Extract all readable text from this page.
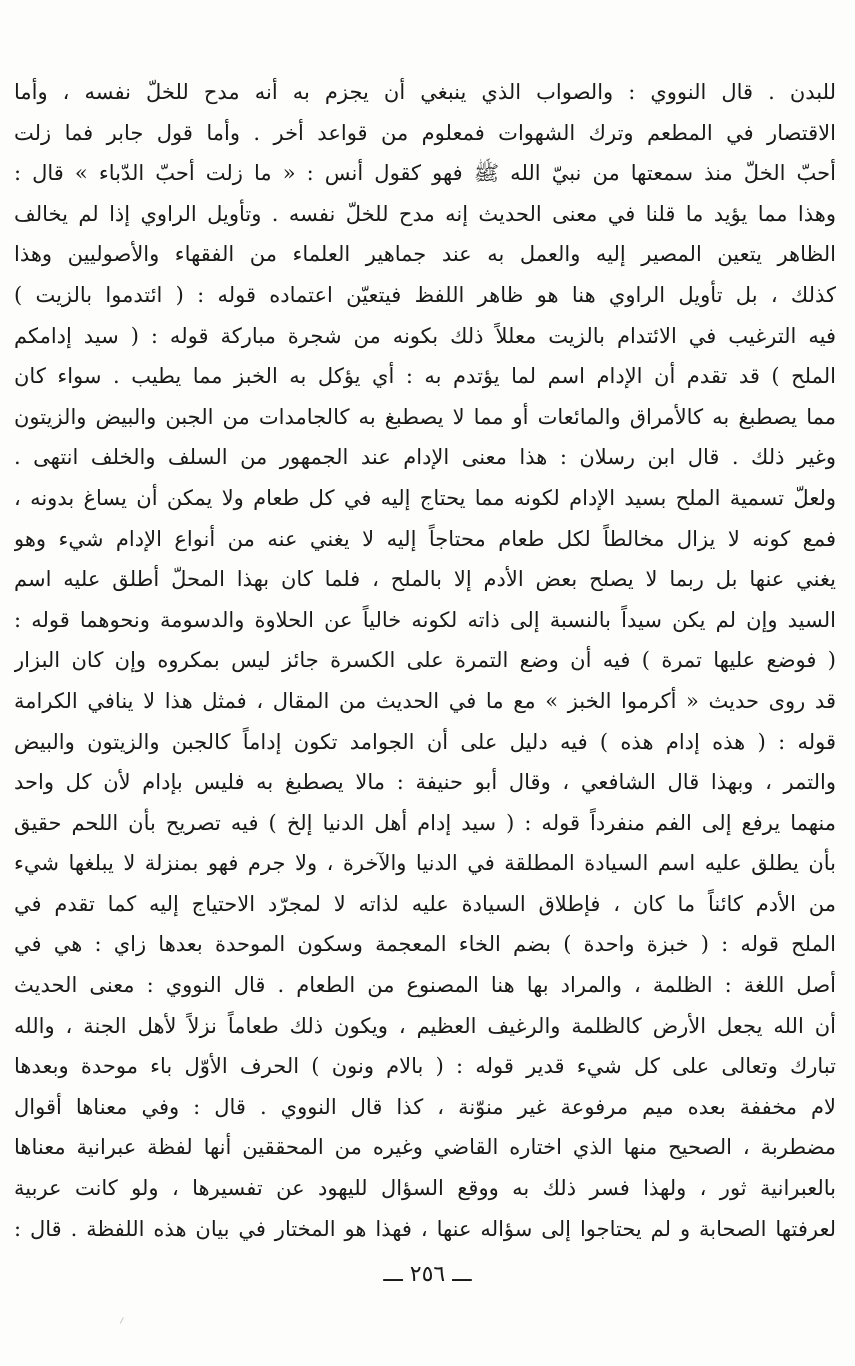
للبدن . قال النووي : والصواب الذي ينبغي أن يجزم به أنه مدح للخلّ نفسه ، وأما
الاقتصار في المطعم وترك الشهوات فمعلوم من قواعد أخر . وأما قول جابر فما زلت
أحبّ الخلّ منذ سمعتها من نبيّ الله ﷺ فهو كقول أنس : « ما زلت أحبّ الدّباء » قال :
وهذا مما يؤيد ما قلنا في معنى الحديث إنه مدح للخلّ نفسه . وتأويل الراوي إذا لم يخالف
الظاهر يتعين المصير إليه والعمل به عند جماهير العلماء من الفقهاء والأصوليين وهذا
كذلك ، بل تأويل الراوي هنا هو ظاهر اللفظ فيتعيّن اعتماده قوله : ( ائتدموا بالزيت )
فيه الترغيب في الائتدام بالزيت معللاً ذلك بكونه من شجرة مباركة قوله : ( سيد إدامكم
الملح ) قد تقدم أن الإدام اسم لما يؤتدم به : أي يؤكل به الخبز مما يطيب . سواء كان
مما يصطبغ به كالأمراق والمائعات أو مما لا يصطبغ به كالجامدات من الجبن والبيض والزيتون
وغير ذلك . قال ابن رسلان : هذا معنى الإدام عند الجمهور من السلف والخلف انتهى .
ولعلّ تسمية الملح بسيد الإدام لكونه مما يحتاج إليه في كل طعام ولا يمكن أن يساغ بدونه ،
فمع كونه لا يزال مخالطاً لكل طعام محتاجاً إليه لا يغني عنه من أنواع الإدام شيء وهو
يغني عنها بل ربما لا يصلح بعض الأدم إلا بالملح ، فلما كان بهذا المحلّ أطلق عليه اسم
السيد وإن لم يكن سيداً بالنسبة إلى ذاته لكونه خالياً عن الحلاوة والدسومة ونحوهما قوله :
( فوضع عليها تمرة ) فيه أن وضع التمرة على الكسرة جائز ليس بمكروه وإن كان البزار
قد روى حديث « أكرموا الخبز » مع ما في الحديث من المقال ، فمثل هذا لا ينافي الكرامة
قوله : ( هذه إدام هذه ) فيه دليل على أن الجوامد تكون إداماً كالجبن والزيتون والبيض
والتمر ، وبهذا قال الشافعي ، وقال أبو حنيفة : مالا يصطبغ به فليس بإدام لأن كل واحد
منهما يرفع إلى الفم منفرداً قوله : ( سيد إدام أهل الدنيا إلخ ) فيه تصريح بأن اللحم حقيق
بأن يطلق عليه اسم السيادة المطلقة في الدنيا والآخرة ، ولا جرم فهو بمنزلة لا يبلغها شيء
من الأدم كائناً ما كان ، فإطلاق السيادة عليه لذاته لا لمجرّد الاحتياج إليه كما تقدم في
الملح قوله : ( خبزة واحدة ) بضم الخاء المعجمة وسكون الموحدة بعدها زاي : هي في
أصل اللغة : الظلمة ، والمراد بها هنا المصنوع من الطعام . قال النووي : معنى الحديث
أن الله يجعل الأرض كالظلمة والرغيف العظيم ، ويكون ذلك طعاماً نزلاً لأهل الجنة ، والله
تبارك وتعالى على كل شيء قدير قوله : ( بالام ونون ) الحرف الأوّل باء موحدة وبعدها
لام مخففة بعده ميم مرفوعة غير منوّنة ، كذا قال النووي . قال : وفي معناها أقوال
مضطربة ، الصحيح منها الذي اختاره القاضي وغيره من المحققين أنها لفظة عبرانية معناها
بالعبرانية ثور ، ولهذا فسر ذلك به ووقع السؤال لليهود عن تفسيرها ، ولو كانت عربية
لعرفتها الصحابة و لم يحتاجوا إلى سؤاله عنها ، فهذا هو المختار في بيان هذه اللفظة . قال :
ـــ ٢٥٦ ـــ
